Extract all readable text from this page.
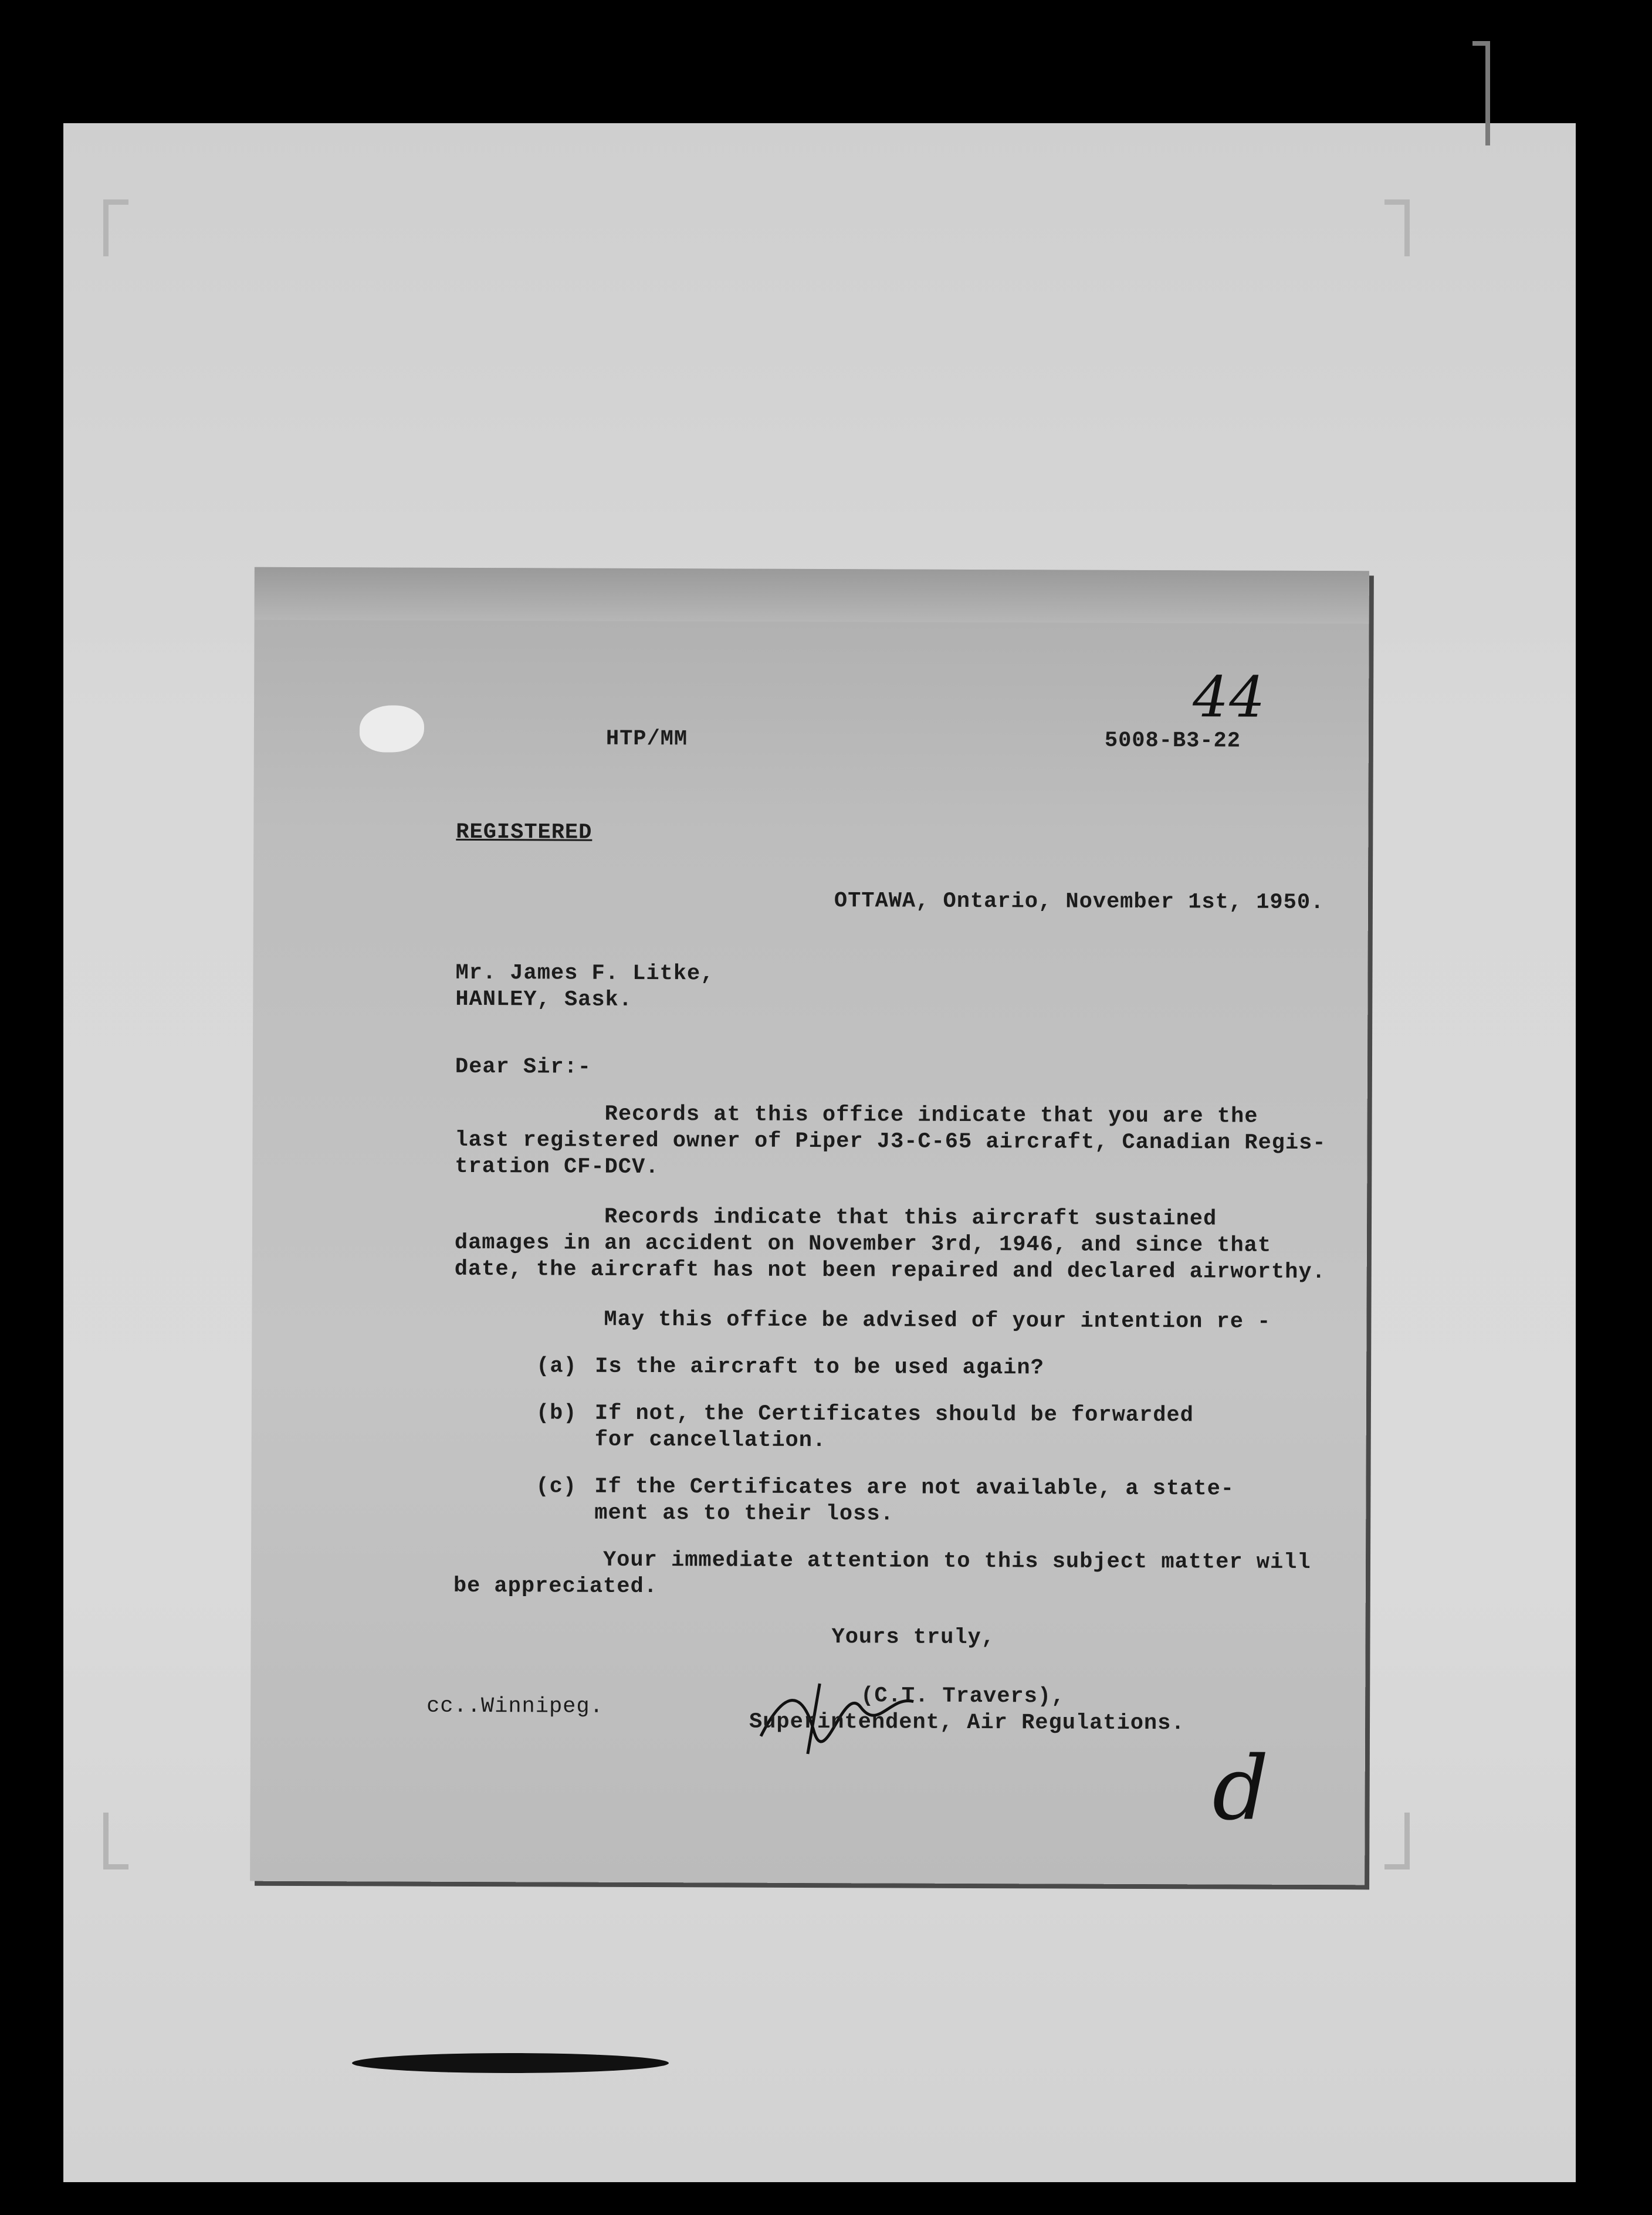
44
HTP/MM	5008-B3-22
REGISTERED
OTTAWA, Ontario, November 1st, 1950.
Mr. James F. Litke,
HANLEY, Sask.
Dear Sir:-
Records at this office indicate that you are the
last registered owner of Piper J3-C-65 aircraft, Canadian Regis-
tration CF-DCV.
Records indicate that this aircraft sustained
damages in an accident on November 3rd, 1946, and since that
date, the aircraft has not been repaired and declared airworthy.
May this office be advised of your intention re -
(a) Is the aircraft to be used again?
(b) If not, the Certificates should be forwarded
for cancellation.
(c) If the Certificates are not available, a state-
ment as to their loss.
Your immediate attention to this subject matter will
be appreciated.
Yours truly,
(C.T. Travers),
Superintendent, Air Regulations.
cc..Winnipeg.
d
